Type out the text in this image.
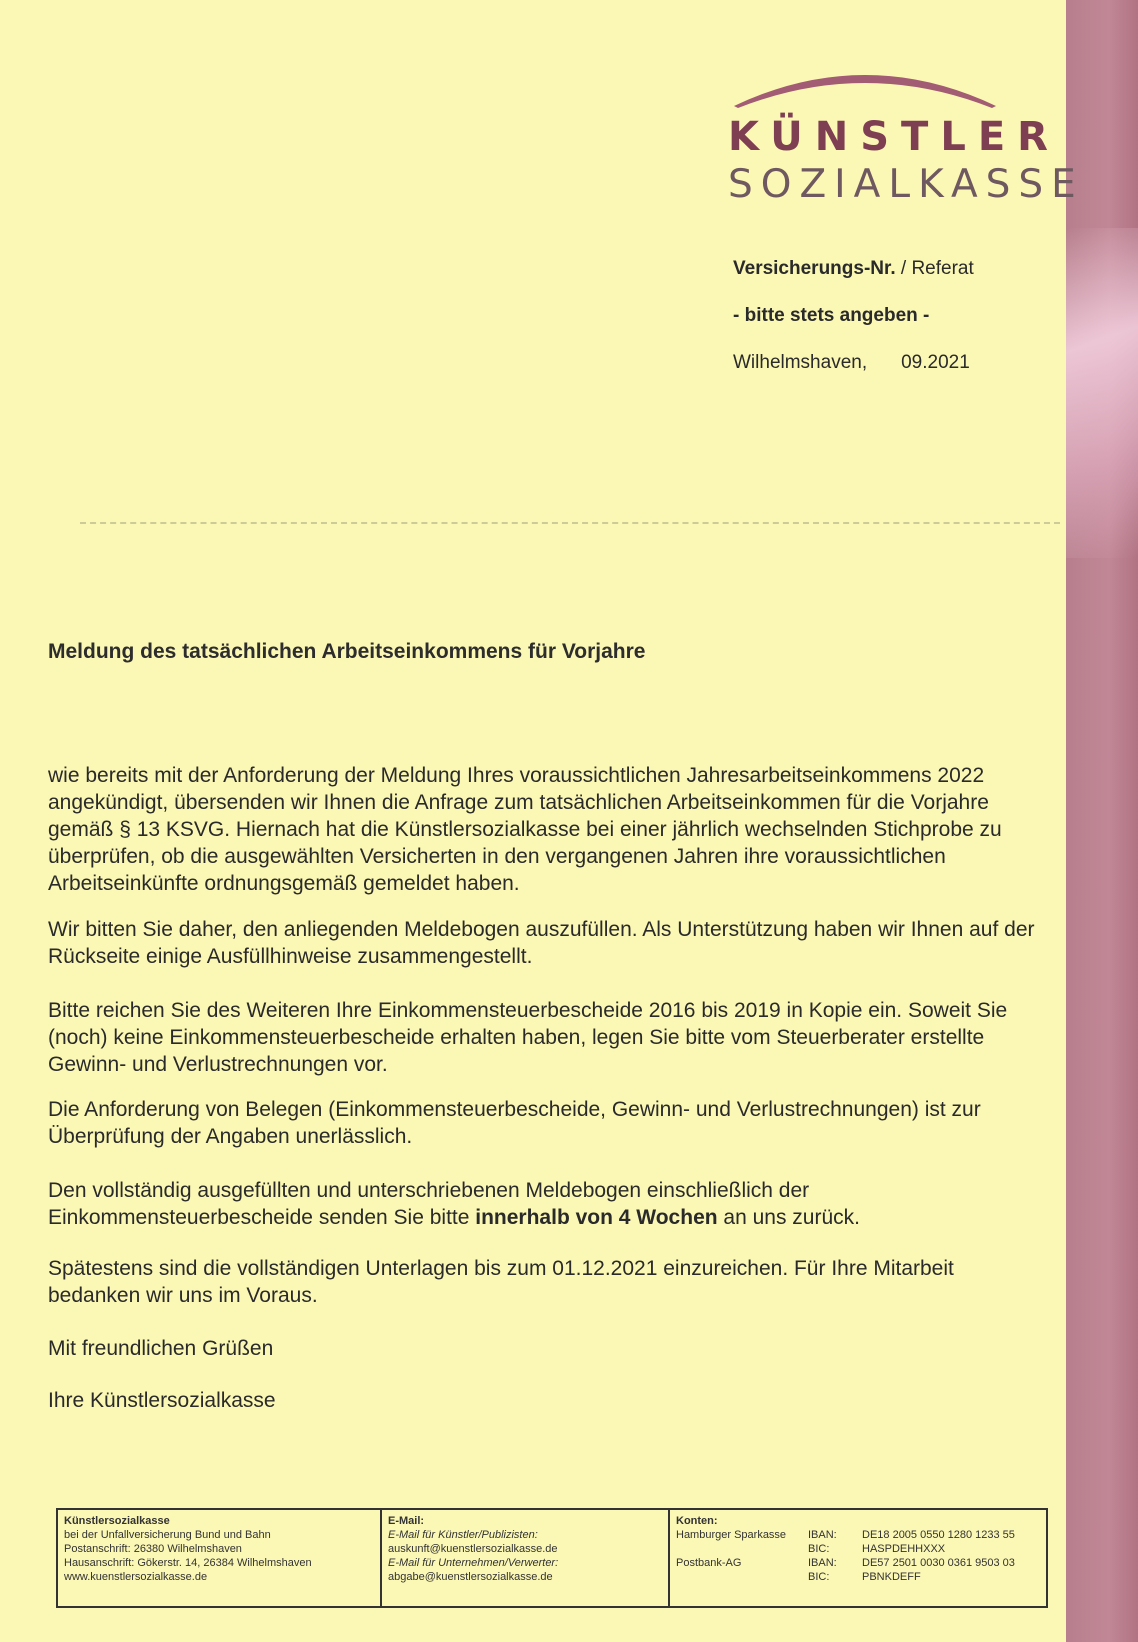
KÜNSTLER
SOZIALKASSE
Versicherungs-Nr. / Referat
- bitte stets angeben -
Wilhelmshaven, 09.2021
Meldung des tatsächlichen Arbeitseinkommens für Vorjahre
wie bereits mit der Anforderung der Meldung Ihres voraussichtlichen Jahresarbeitseinkommens 2022 angekündigt, übersenden wir Ihnen die Anfrage zum tatsächlichen Arbeitseinkommen für die Vorjahre gemäß § 13 KSVG. Hiernach hat die Künstlersozialkasse bei einer jährlich wechselnden Stichprobe zu überprüfen, ob die ausgewählten Versicherten in den vergangenen Jahren ihre voraussichtlichen Arbeitseinkünfte ordnungsgemäß gemeldet haben.
Wir bitten Sie daher, den anliegenden Meldebogen auszufüllen. Als Unterstützung haben wir Ihnen auf der Rückseite einige Ausfüllhinweise zusammengestellt.
Bitte reichen Sie des Weiteren Ihre Einkommensteuerbescheide 2016 bis 2019 in Kopie ein. Soweit Sie (noch) keine Einkommensteuerbescheide erhalten haben, legen Sie bitte vom Steuerberater erstellte Gewinn- und Verlustrechnungen vor.
Die Anforderung von Belegen (Einkommensteuerbescheide, Gewinn- und Verlustrechnungen) ist zur Überprüfung der Angaben unerlässlich.
Den vollständig ausgefüllten und unterschriebenen Meldebogen einschließlich der Einkommensteuerbescheide senden Sie bitte innerhalb von 4 Wochen an uns zurück.
Spätestens sind die vollständigen Unterlagen bis zum 01.12.2021 einzureichen. Für Ihre Mitarbeit bedanken wir uns im Voraus.
Mit freundlichen Grüßen
Ihre Künstlersozialkasse
Künstlersozialkasse
bei der Unfallversicherung Bund und Bahn
Postanschrift: 26380 Wilhelmshaven
Hausanschrift: Gökerstr. 14, 26384 Wilhelmshaven
www.kuenstlersozialkasse.de
E-Mail:
E-Mail für Künstler/Publizisten:
auskunft@kuenstlersozialkasse.de
E-Mail für Unternehmen/Verwerter:
abgabe@kuenstlersozialkasse.de
Konten:
Hamburger Sparkasse IBAN: DE18 2005 0550 1280 1233 55
BIC:	HASPDEHHXXX
Postbank-AG	IBAN: DE57 2501 0030 0361 9503 03
BIC:	PBNKDEFF
